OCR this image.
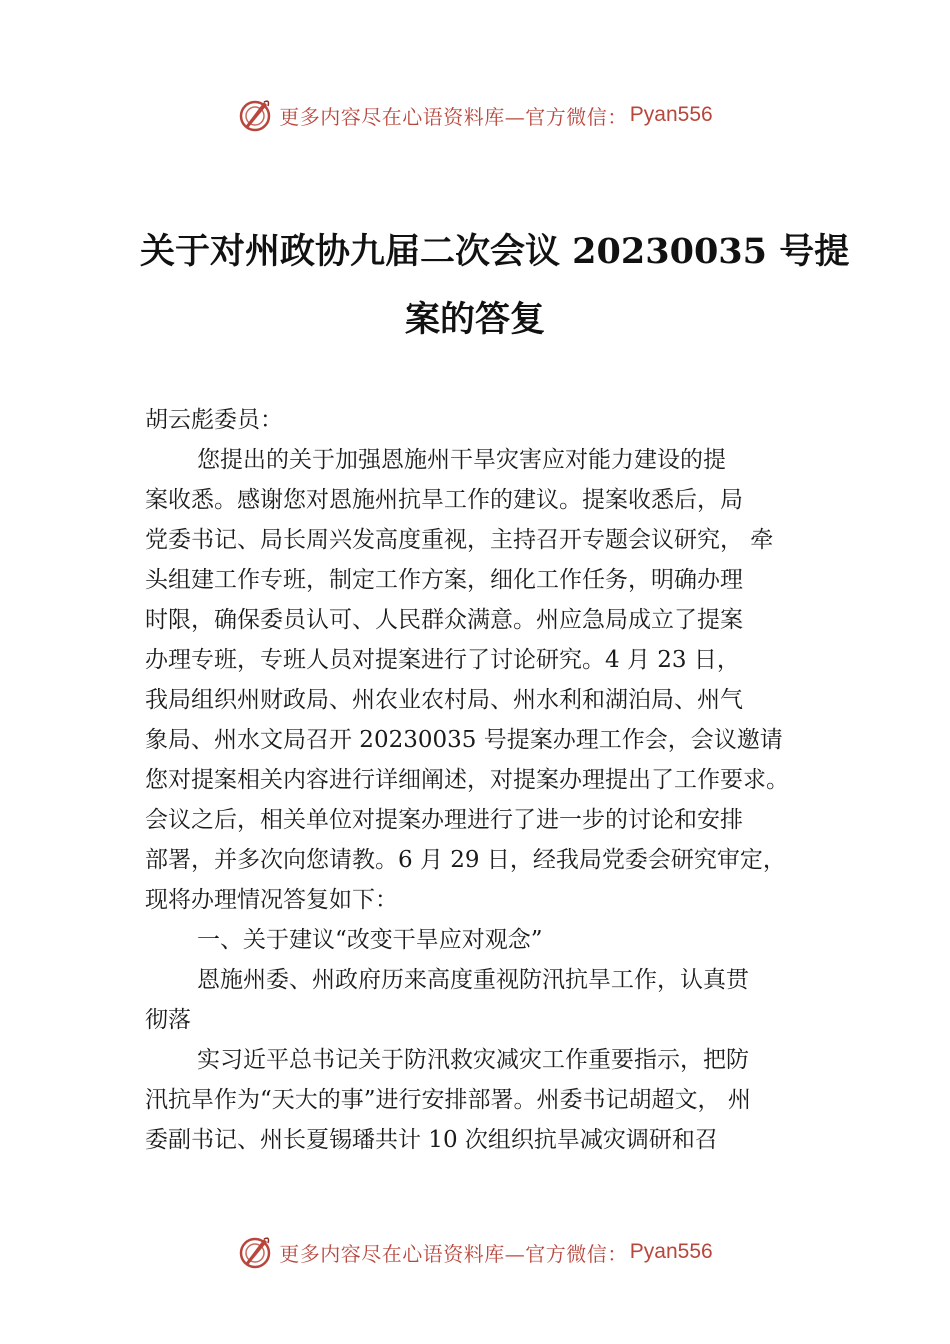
更多内容尽在心语资料库—官方微信： Pyan556
关于对州政协九届二次会议 20230035 号提
案的答复
胡云彪委员：
您提出的关于加强恩施州干旱灾害应对能力建设的提
案收悉。感谢您对恩施州抗旱工作的建议。提案收悉后，局
党委书记、局长周兴发高度重视，主持召开专题会议研究， 牵
头组建工作专班，制定工作方案，细化工作任务，明确办理
时限，确保委员认可、人民群众满意。州应急局成立了提案
办理专班，专班人员对提案进行了讨论研究。4 月 23 日，
我局组织州财政局、州农业农村局、州水利和湖泊局、州气
象局、州水文局召开 20230035 号提案办理工作会，会议邀请
您对提案相关内容进行详细阐述，对提案办理提出了工作要求。
会议之后，相关单位对提案办理进行了进一步的讨论和安排
部署，并多次向您请教。6 月 29 日，经我局党委会研究审定，
现将办理情况答复如下：
一、关于建议“改变干旱应对观念”
恩施州委、州政府历来高度重视防汛抗旱工作，认真贯
彻落
实习近平总书记关于防汛救灾减灾工作重要指示，把防
汛抗旱作为“天大的事”进行安排部署。州委书记胡超文， 州
委副书记、州长夏锡璠共计 10 次组织抗旱减灾调研和召
更多内容尽在心语资料库—官方微信： Pyan556
